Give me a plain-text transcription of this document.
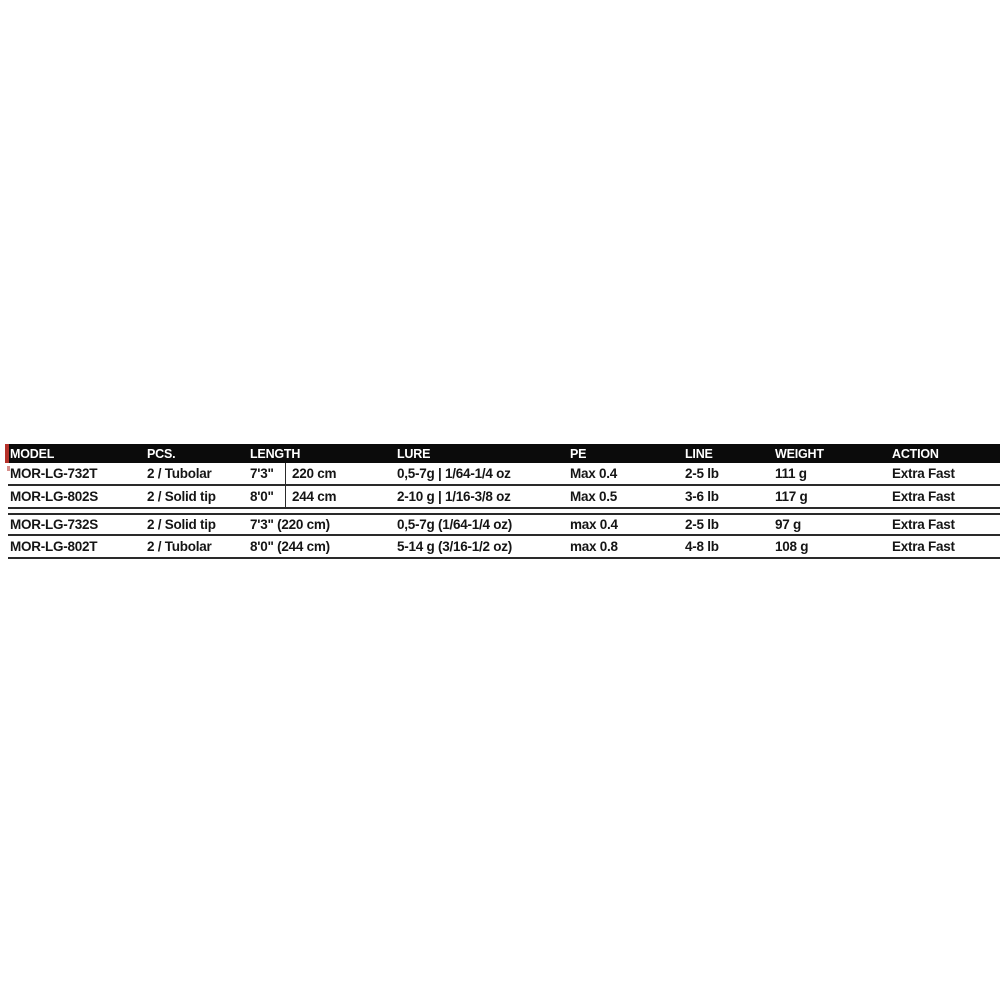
MODEL	PCS.	LENGTH	LURE	PE	LINE	WEIGHT	ACTION
MOR-LG-732T	2 / Tubolar	7'3"	220 cm	0,5-7g | 1/64-1/4 oz	Max 0.4	2-5 lb	111 g	Extra Fast
MOR-LG-802S	2 / Solid tip	8'0"	244 cm	2-10 g | 1/16-3/8 oz	Max 0.5	3-6 lb	117 g	Extra Fast
MOR-LG-732S	2 / Solid tip	7'3" (220 cm)	0,5-7g (1/64-1/4 oz)	max 0.4	2-5 lb	97 g	Extra Fast
MOR-LG-802T	2 / Tubolar	8'0" (244 cm)	5-14 g (3/16-1/2 oz)	max 0.8	4-8 lb	108 g	Extra Fast
